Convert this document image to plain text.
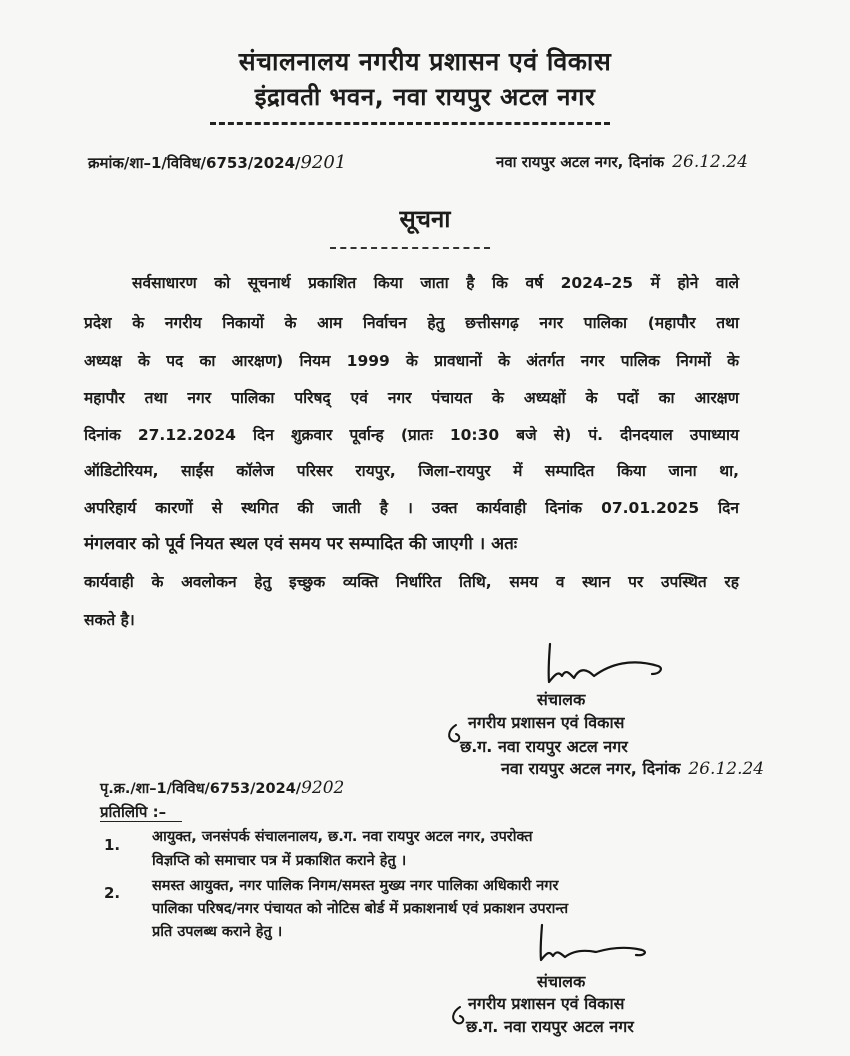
संचालनालय नगरीय प्रशासन एवं विकास
इंद्रावती भवन, नवा रायपुर अटल नगर
क्रमांक/शा–1/विविध/6753/2024/9201	नवा रायपुर अटल नगर, दिनांक 26.12.24
सूचना
सर्वसाधारण को सूचनार्थ प्रकाशित किया जाता है कि वर्ष 2024–25 में होने वाले
प्रदेश के नगरीय निकायों के आम निर्वाचन हेतु छत्तीसगढ़ नगर पालिका (महापौर तथा
अध्यक्ष के पद का आरक्षण) नियम 1999 के प्रावधानों के अंतर्गत नगर पालिक निगमों के
महापौर तथा नगर पालिका परिषद् एवं नगर पंचायत के अध्यक्षों के पदों का आरक्षण
दिनांक 27.12.2024 दिन शुक्रवार पूर्वान्ह (प्रातः 10:30 बजे से) पं. दीनदयाल उपाध्याय
ऑडिटोरियम, साईंस कॉलेज परिसर रायपुर, जिला–रायपुर में सम्पादित किया जाना था,
अपरिहार्य कारणों से स्थगित की जाती है । उक्त कार्यवाही दिनांक 07.01.2025 दिन
मंगलवार को पूर्व नियत स्थल एवं समय पर सम्पादित की जाएगी । अतः
कार्यवाही के अवलोकन हेतु इच्छुक व्यक्ति निर्धारित तिथि, समय व स्थान पर उपस्थित रह
सकते है।
संचालक
नगरीय प्रशासन एवं विकास
छ.ग. नवा रायपुर अटल नगर
नवा रायपुर अटल नगर, दिनांक 26.12.24
पृ.क्र./शा–1/विविध/6753/2024/9202
प्रतिलिपि :–
1. आयुक्त, जनसंपर्क संचालनालय, छ.ग. नवा रायपुर अटल नगर, उपरोक्त
विज्ञप्ति को समाचार पत्र में प्रकाशित कराने हेतु ।
2. समस्त आयुक्त, नगर पालिक निगम/समस्त मुख्य नगर पालिका अधिकारी नगर
पालिका परिषद/नगर पंचायत को नोटिस बोर्ड में प्रकाशनार्थ एवं प्रकाशन उपरान्त
प्रति उपलब्ध कराने हेतु ।
संचालक
नगरीय प्रशासन एवं विकास
छ.ग. नवा रायपुर अटल नगर
